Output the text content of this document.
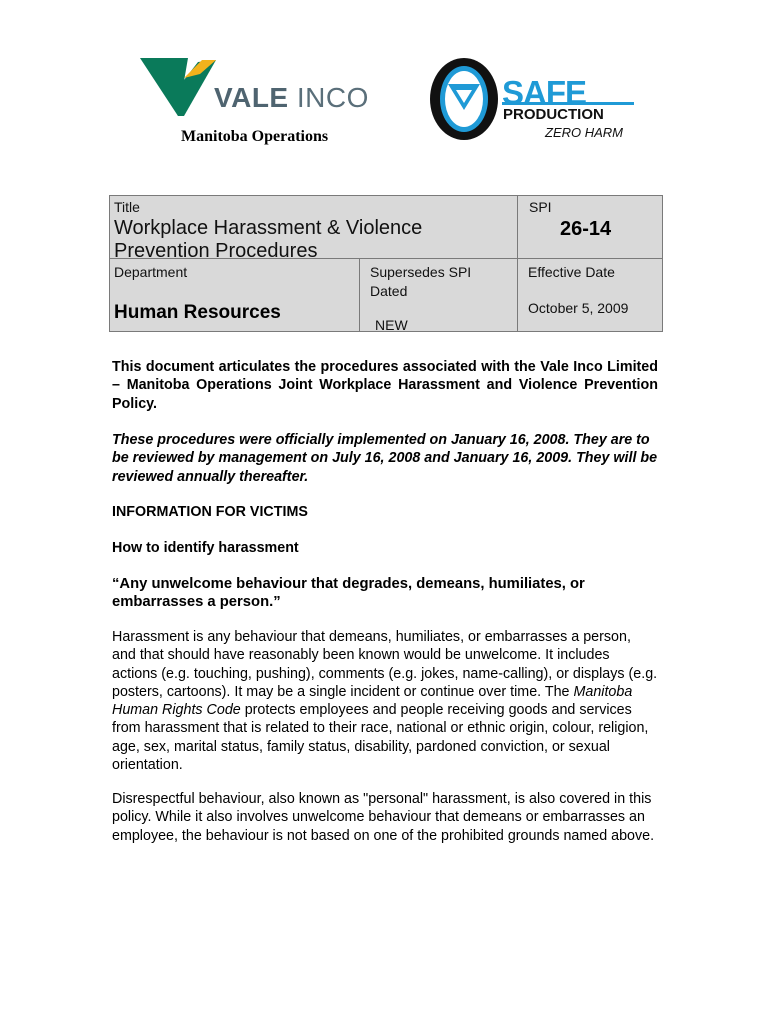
VALE INCO	SAFE
PRODUCTION
ZERO HARM
Manitoba Operations
Title
Workplace Harassment & Violence
Prevention Procedures
SPI
26-14
Department
Human Resources
Supersedes SPI
Dated
NEW
Effective Date
October 5, 2009

This document articulates the procedures associated with the Vale Inco Limited – Manitoba Operations Joint Workplace Harassment and Violence Prevention Policy.

These procedures were officially implemented on January 16, 2008. They are to be reviewed by management on July 16, 2008 and January 16, 2009. They will be reviewed annually thereafter.

INFORMATION FOR VICTIMS

How to identify harassment

“Any unwelcome behaviour that degrades, demeans, humiliates, or embarrasses a person.”

Harassment is any behaviour that demeans, humiliates, or embarrasses a person, and that should have reasonably been known would be unwelcome. It includes actions (e.g. touching, pushing), comments (e.g. jokes, name-calling), or displays (e.g. posters, cartoons). It may be a single incident or continue over time. The Manitoba Human Rights Code protects employees and people receiving goods and services from harassment that is related to their race, national or ethnic origin, colour, religion, age, sex, marital status, family status, disability, pardoned conviction, or sexual orientation.

Disrespectful behaviour, also known as "personal" harassment, is also covered in this policy. While it also involves unwelcome behaviour that demeans or embarrasses an employee, the behaviour is not based on one of the prohibited grounds named above.
